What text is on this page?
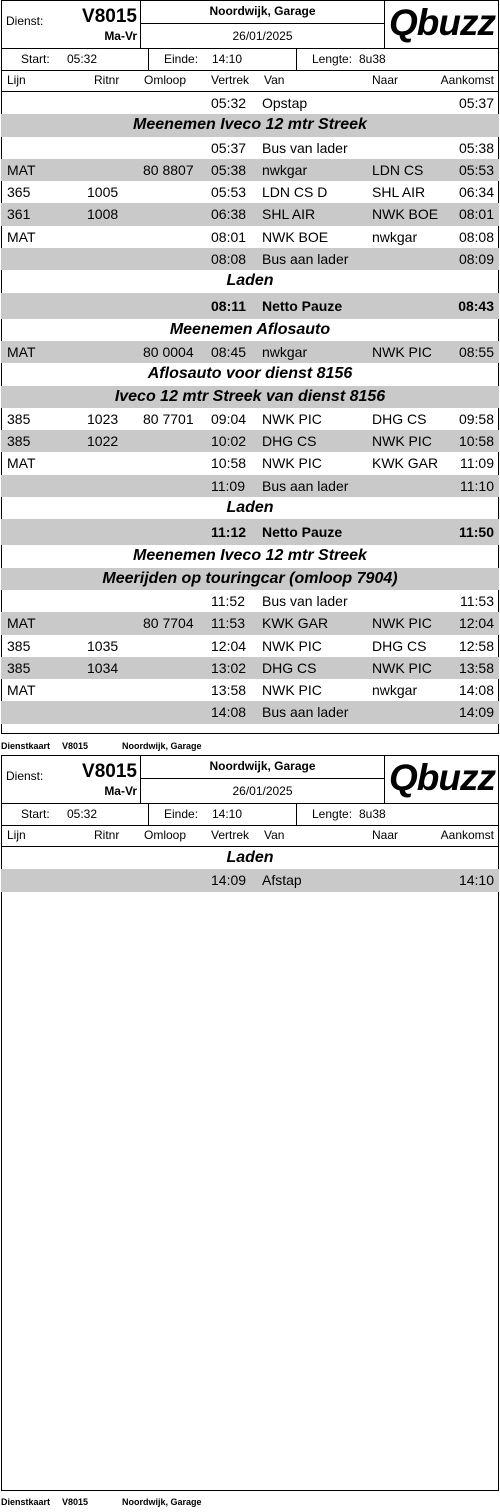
Dienst: V8015
Ma-Vr
Noordwijk, Garage
26/01/2025	Qbuzz
Start: 05:32	Einde: 14:10	Lengte: 8u38
Lijn	Ritnr Omloop Vertrek Van	Naar	Aankomst
05:32 Opstap	05:37
Meenemen Iveco 12 mtr Streek
05:37 Bus van lader	05:38
MAT	80 8807 05:38 nwkgar	LDN CS	05:53
365	1005	05:53 LDN CS D	SHL AIR 06:34
361	1008	06:38 SHL AIR	NWK BOE 08:01
MAT	08:01 NWK BOE	nwkgar	08:08
08:08 Bus aan lader	08:09
Laden
08:11 Netto Pauze	08:43
Meenemen Aflosauto
MAT	80 0004 08:45 nwkgar	NWK PIC 08:55
Aflosauto voor dienst 8156
Iveco 12 mtr Streek van dienst 8156
385	1023 80 7701 09:04 NWK PIC	DHG CS 09:58
385	1022	10:02 DHG CS	NWK PIC 10:58
MAT	10:58 NWK PIC	KWK GAR 11:09
11:09 Bus aan lader	11:10
Laden
11:12 Netto Pauze	11:50
Meenemen Iveco 12 mtr Streek
Meerijden op touringcar (omloop 7904)
11:52 Bus van lader	11:53
MAT	80 7704 11:53 KWK GAR	NWK PIC 12:04
385	1035	12:04 NWK PIC	DHG CS 12:58
385	1034	13:02 DHG CS	NWK PIC 13:58
MAT	13:58 NWK PIC	nwkgar	14:08
14:08 Bus aan lader	14:09
Dienstkaart V8015	Noordwijk, Garage
Dienst: V8015
Ma-Vr
Noordwijk, Garage
26/01/2025	Qbuzz
Start: 05:32	Einde: 14:10	Lengte: 8u38
Lijn	Ritnr Omloop Vertrek Van	Naar	Aankomst
Laden
14:09 Afstap	14:10
Dienstkaart V8015	Noordwijk, Garage
